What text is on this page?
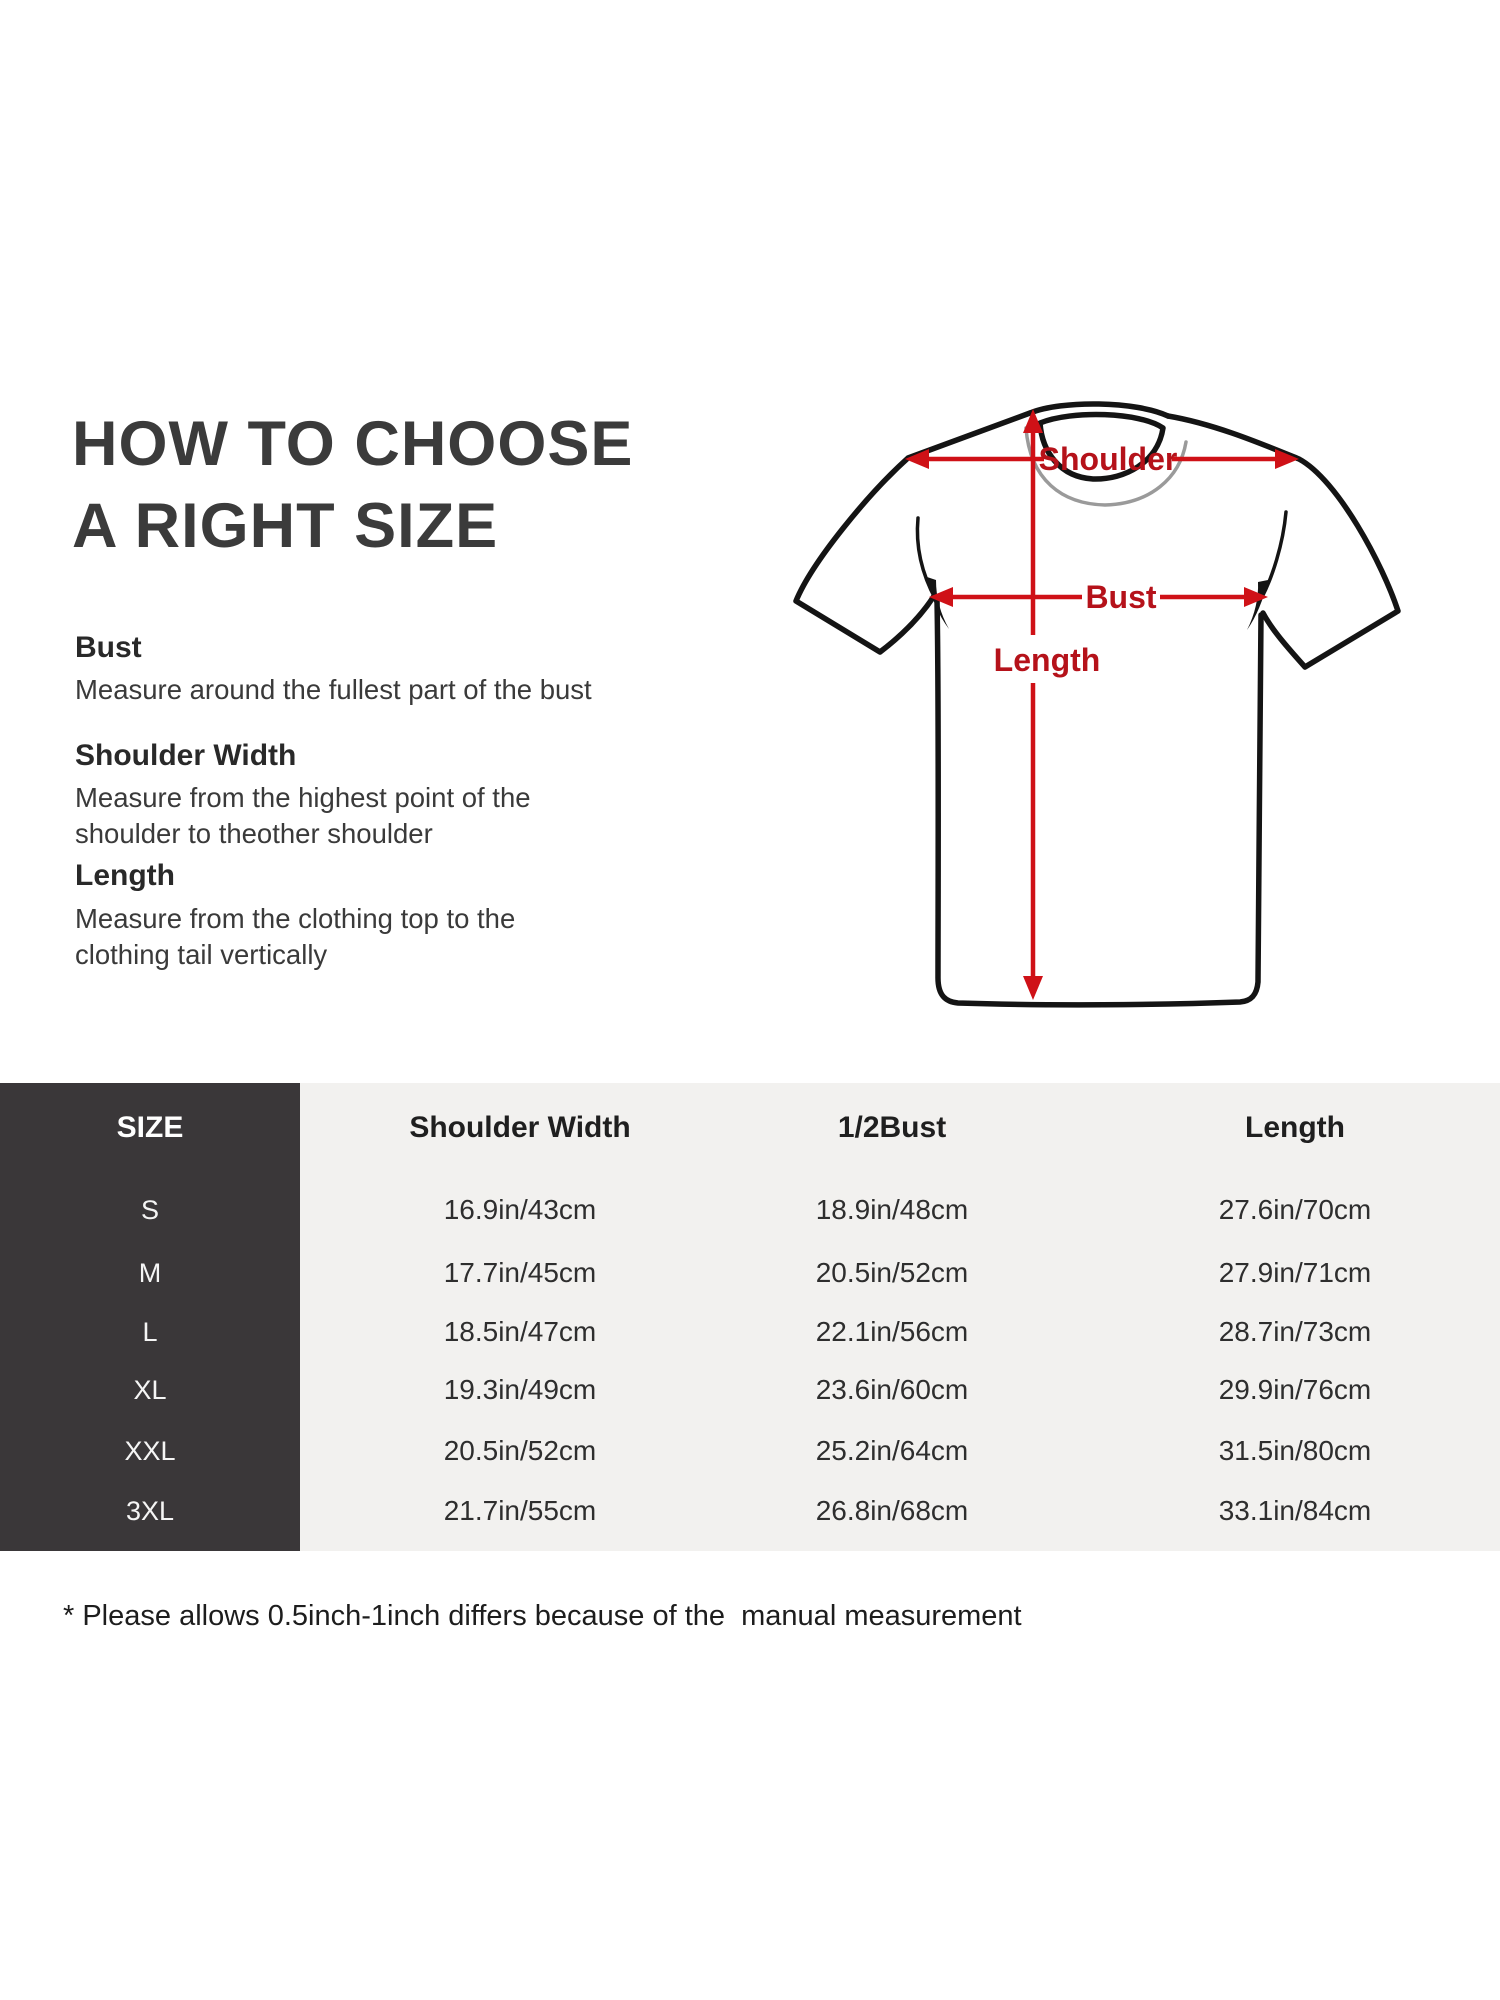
HOW TO CHOOSE
A RIGHT SIZE
Bust
Measure around the fullest part of the bust
Shoulder Width
Measure from the highest point of the
shoulder to theother shoulder
Length
Measure from the clothing top to the
clothing tail vertically
Shoulder
Bust
Length
SIZE	Shoulder Width	1/2Bust	Length
S	16.9in/43cm	18.9in/48cm	27.6in/70cm
M	17.7in/45cm	20.5in/52cm	27.9in/71cm
L	18.5in/47cm	22.1in/56cm	28.7in/73cm
XL	19.3in/49cm	23.6in/60cm	29.9in/76cm
XXL	20.5in/52cm	25.2in/64cm	31.5in/80cm
3XL	21.7in/55cm	26.8in/68cm	33.1in/84cm
* Please allows 0.5inch-1inch differs because of the  manual measurement
